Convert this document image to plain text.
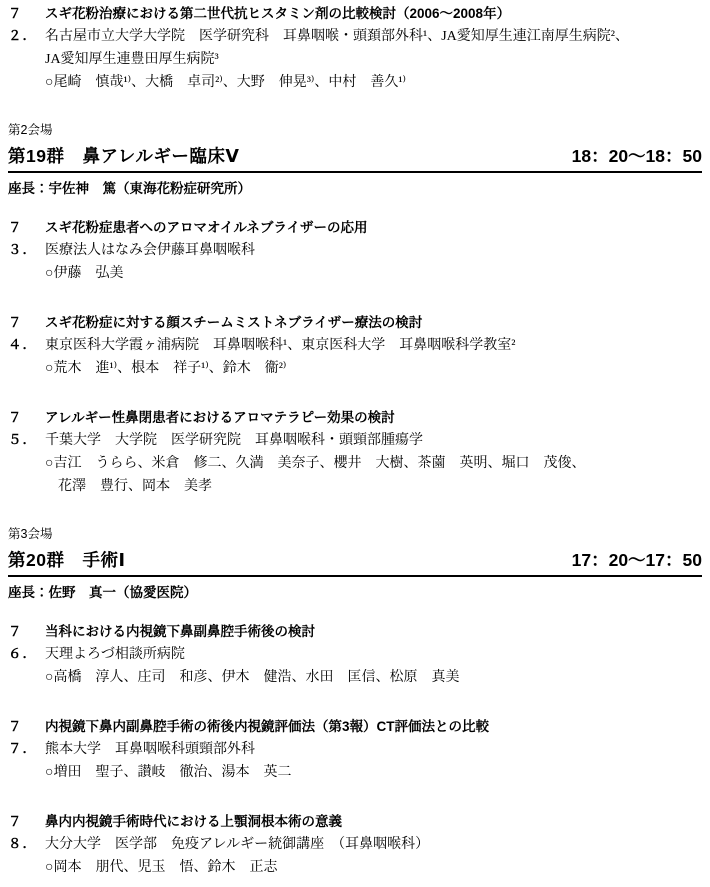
７２．
スギ花粉治療における第二世代抗ヒスタミン剤の比較検討（2006〜2008年）
名古屋市立大学大学院　医学研究科　耳鼻咽喉・頭頚部外科¹、JA愛知厚生連江南厚生病院²、
JA愛知厚生連豊田厚生病院³
○尾崎　慎哉¹⁾、大橋　卓司²⁾、大野　伸晃³⁾、中村　善久¹⁾
第2会場
第19群　鼻アレルギー臨床Ⅴ	18：20〜18：50
座長：宇佐神　篤（東海花粉症研究所）
７３．
スギ花粉症患者へのアロマオイルネブライザーの応用
医療法人はなみ会伊藤耳鼻咽喉科
○伊藤　弘美
７４．
スギ花粉症に対する顔スチームミストネブライザー療法の検討
東京医科大学霞ヶ浦病院　耳鼻咽喉科¹、東京医科大学　耳鼻咽喉科学教室²
○荒木　進¹⁾、根本　祥子¹⁾、鈴木　衞²⁾
７５．
アレルギー性鼻閉患者におけるアロマテラピー効果の検討
千葉大学　大学院　医学研究院　耳鼻咽喉科・頭頸部腫瘍学
○吉江　うらら、米倉　修二、久満　美奈子、櫻井　大樹、茶薗　英明、堀口　茂俊、
花澤　豊行、岡本　美孝
第3会場
第20群　手術Ⅰ	17：20〜17：50
座長：佐野　真一（協愛医院）
７６．
当科における内視鏡下鼻副鼻腔手術後の検討
天理よろづ相談所病院
○高橋　淳人、庄司　和彦、伊木　健浩、水田　匡信、松原　真美
７７．
内視鏡下鼻内副鼻腔手術の術後内視鏡評価法（第3報）CT評価法との比較
熊本大学　耳鼻咽喉科頭頸部外科
○増田　聖子、讃岐　徹治、湯本　英二
７８．
鼻内内視鏡手術時代における上顎洞根本術の意義
大分大学　医学部　免疫アレルギー統御講座　（耳鼻咽喉科）
○岡本　朋代、児玉　悟、鈴木　正志
